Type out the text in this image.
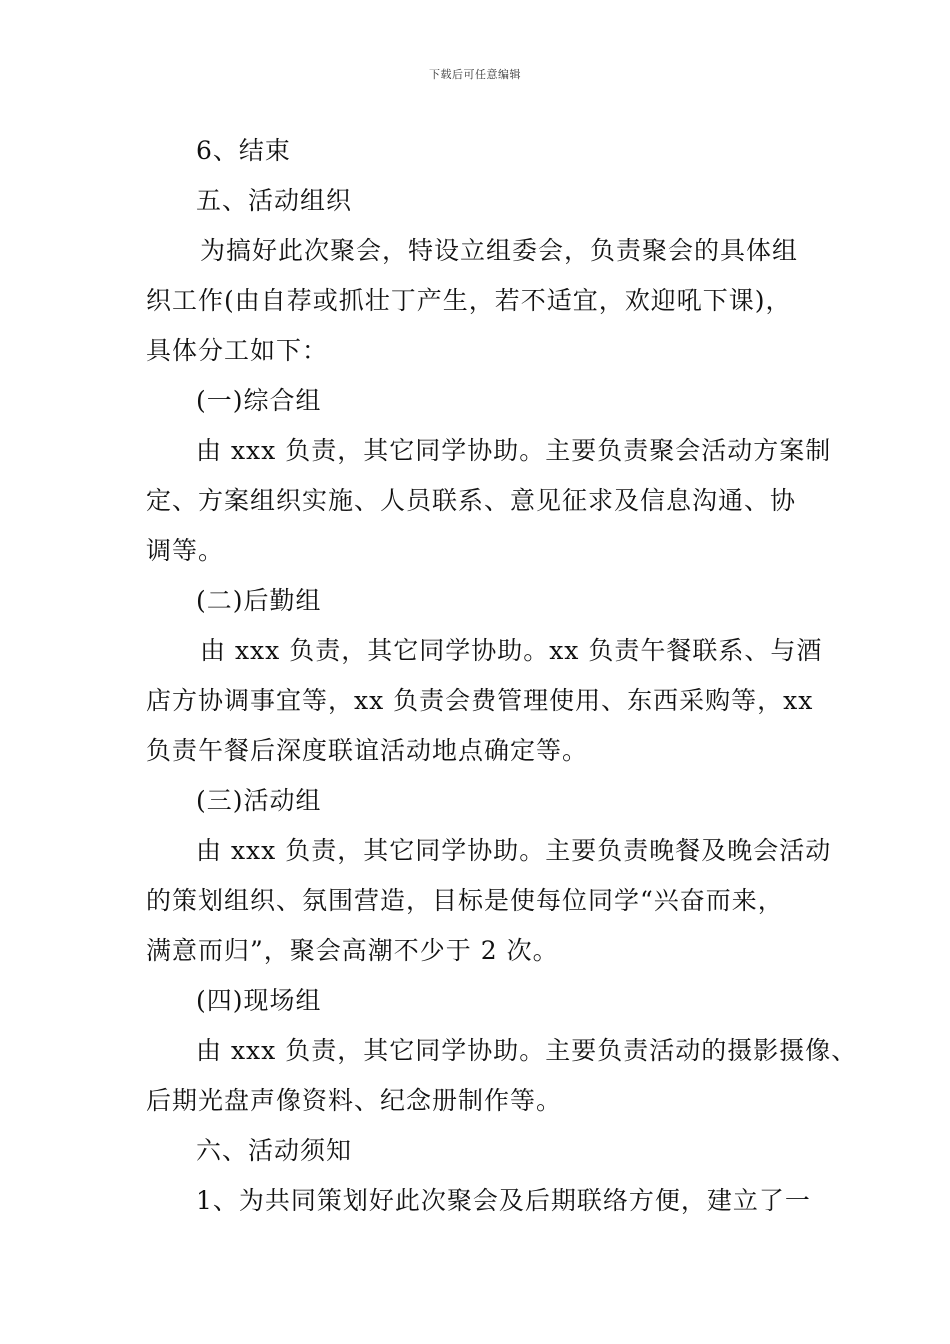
下载后可任意编辑
6、结束
五、活动组织
为搞好此次聚会，特设立组委会，负责聚会的具体组
织工作(由自荐或抓壮丁产生，若不适宜，欢迎吼下课)，
具体分工如下：
(一)综合组
由 xxx 负责，其它同学协助。主要负责聚会活动方案制
定、方案组织实施、人员联系、意见征求及信息沟通、协
调等。
(二)后勤组
由 xxx 负责，其它同学协助。xx 负责午餐联系、与酒
店方协调事宜等，xx 负责会费管理使用、东西采购等，xx
负责午餐后深度联谊活动地点确定等。
(三)活动组
由 xxx 负责，其它同学协助。主要负责晚餐及晚会活动
的策划组织、氛围营造，目标是使每位同学“兴奋而来，
满意而归”，聚会高潮不少于 2 次。
(四)现场组
由 xxx 负责，其它同学协助。主要负责活动的摄影摄像、
后期光盘声像资料、纪念册制作等。
六、活动须知
1、为共同策划好此次聚会及后期联络方便，建立了一
